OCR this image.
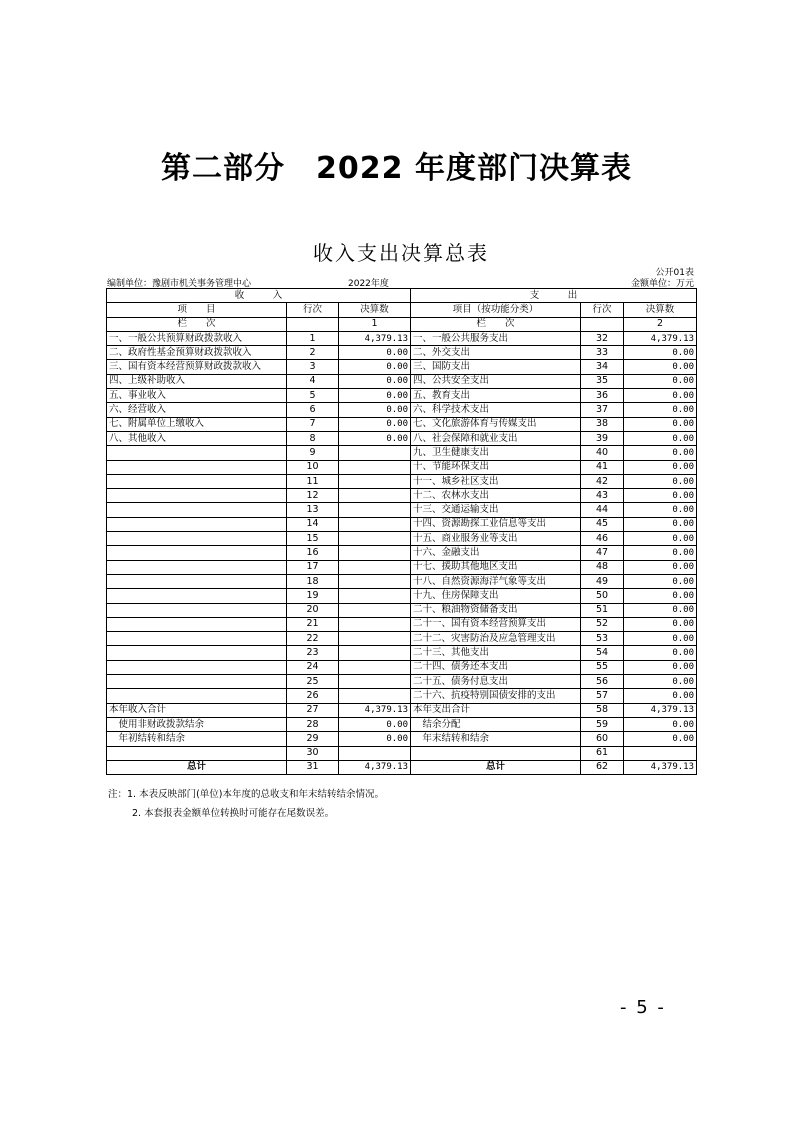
第二部分　2022 年度部门决算表
收入支出决算总表
公开01表
编制单位：豫剧市机关事务管理中心	2022年度	金额单位：万元
收　　　入			支　　　出		
项　　目	行次	决算数	项目（按功能分类）	行次	决算数
栏　　次		1	栏　　次		2
一、一般公共预算财政拨款收入	1	4,379.13	一、一般公共服务支出	32	4,379.13
二、政府性基金预算财政拨款收入	2	0.00	二、外交支出	33	0.00
三、国有资本经营预算财政拨款收入	3	0.00	三、国防支出	34	0.00
四、上级补助收入	4	0.00	四、公共安全支出	35	0.00
五、事业收入	5	0.00	五、教育支出	36	0.00
六、经营收入	6	0.00	六、科学技术支出	37	0.00
七、附属单位上缴收入	7	0.00	七、文化旅游体育与传媒支出	38	0.00
八、其他收入	8	0.00	八、社会保障和就业支出	39	0.00
	9		九、卫生健康支出	40	0.00
	10		十、节能环保支出	41	0.00
	11		十一、城乡社区支出	42	0.00
	12		十二、农林水支出	43	0.00
	13		十三、交通运输支出	44	0.00
	14		十四、资源勘探工业信息等支出	45	0.00
	15		十五、商业服务业等支出	46	0.00
	16		十六、金融支出	47	0.00
	17		十七、援助其他地区支出	48	0.00
	18		十八、自然资源海洋气象等支出	49	0.00
	19		十九、住房保障支出	50	0.00
	20		二十、粮油物资储备支出	51	0.00
	21		二十一、国有资本经营预算支出	52	0.00
	22		二十二、灾害防治及应急管理支出	53	0.00
	23		二十三、其他支出	54	0.00
	24		二十四、债务还本支出	55	0.00
	25		二十五、债务付息支出	56	0.00
	26		二十六、抗疫特别国债安排的支出	57	0.00
本年收入合计	27	4,379.13	本年支出合计	58	4,379.13
　使用非财政拨款结余	28	0.00	　结余分配	59	0.00
　年初结转和结余	29	0.00	　年末结转和结余	60	0.00
	30			61	
总计	31	4,379.13	总计	62	4,379.13
注：1. 本表反映部门(单位)本年度的总收支和年末结转结余情况。
2. 本套报表金额单位转换时可能存在尾数误差。
- 5 -
